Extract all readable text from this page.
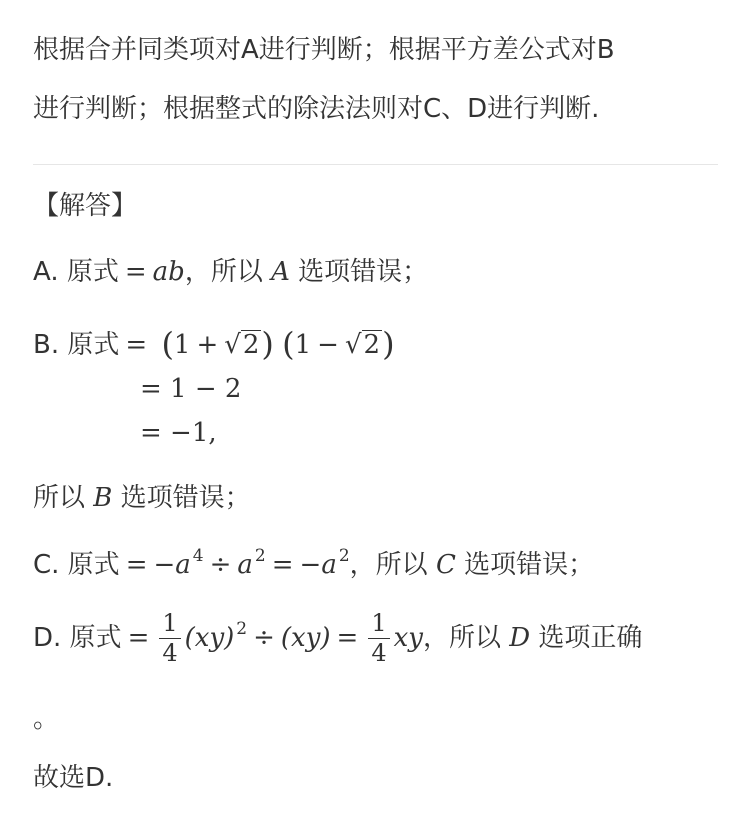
根据合并同类项对A进行判断；根据平方差公式对B
进行判断；根据整式的除法法则对C、D进行判断.
【解答】
A. 原式 = ab，所以 A 选项错误；
B. 原式 = (1 + √2) (1 − √2)
= 1 − 2
= −1,
所以 B 选项错误；
C. 原式 = −a $^4$ ÷ a $^2$ = −a $^2$，所以 C 选项错误；
D. 原式 = $\frac{1}{4} (xy) ^2 \div (xy) = \frac{1}{4}$ xy，所以 D 选项正确
。
故选D.
